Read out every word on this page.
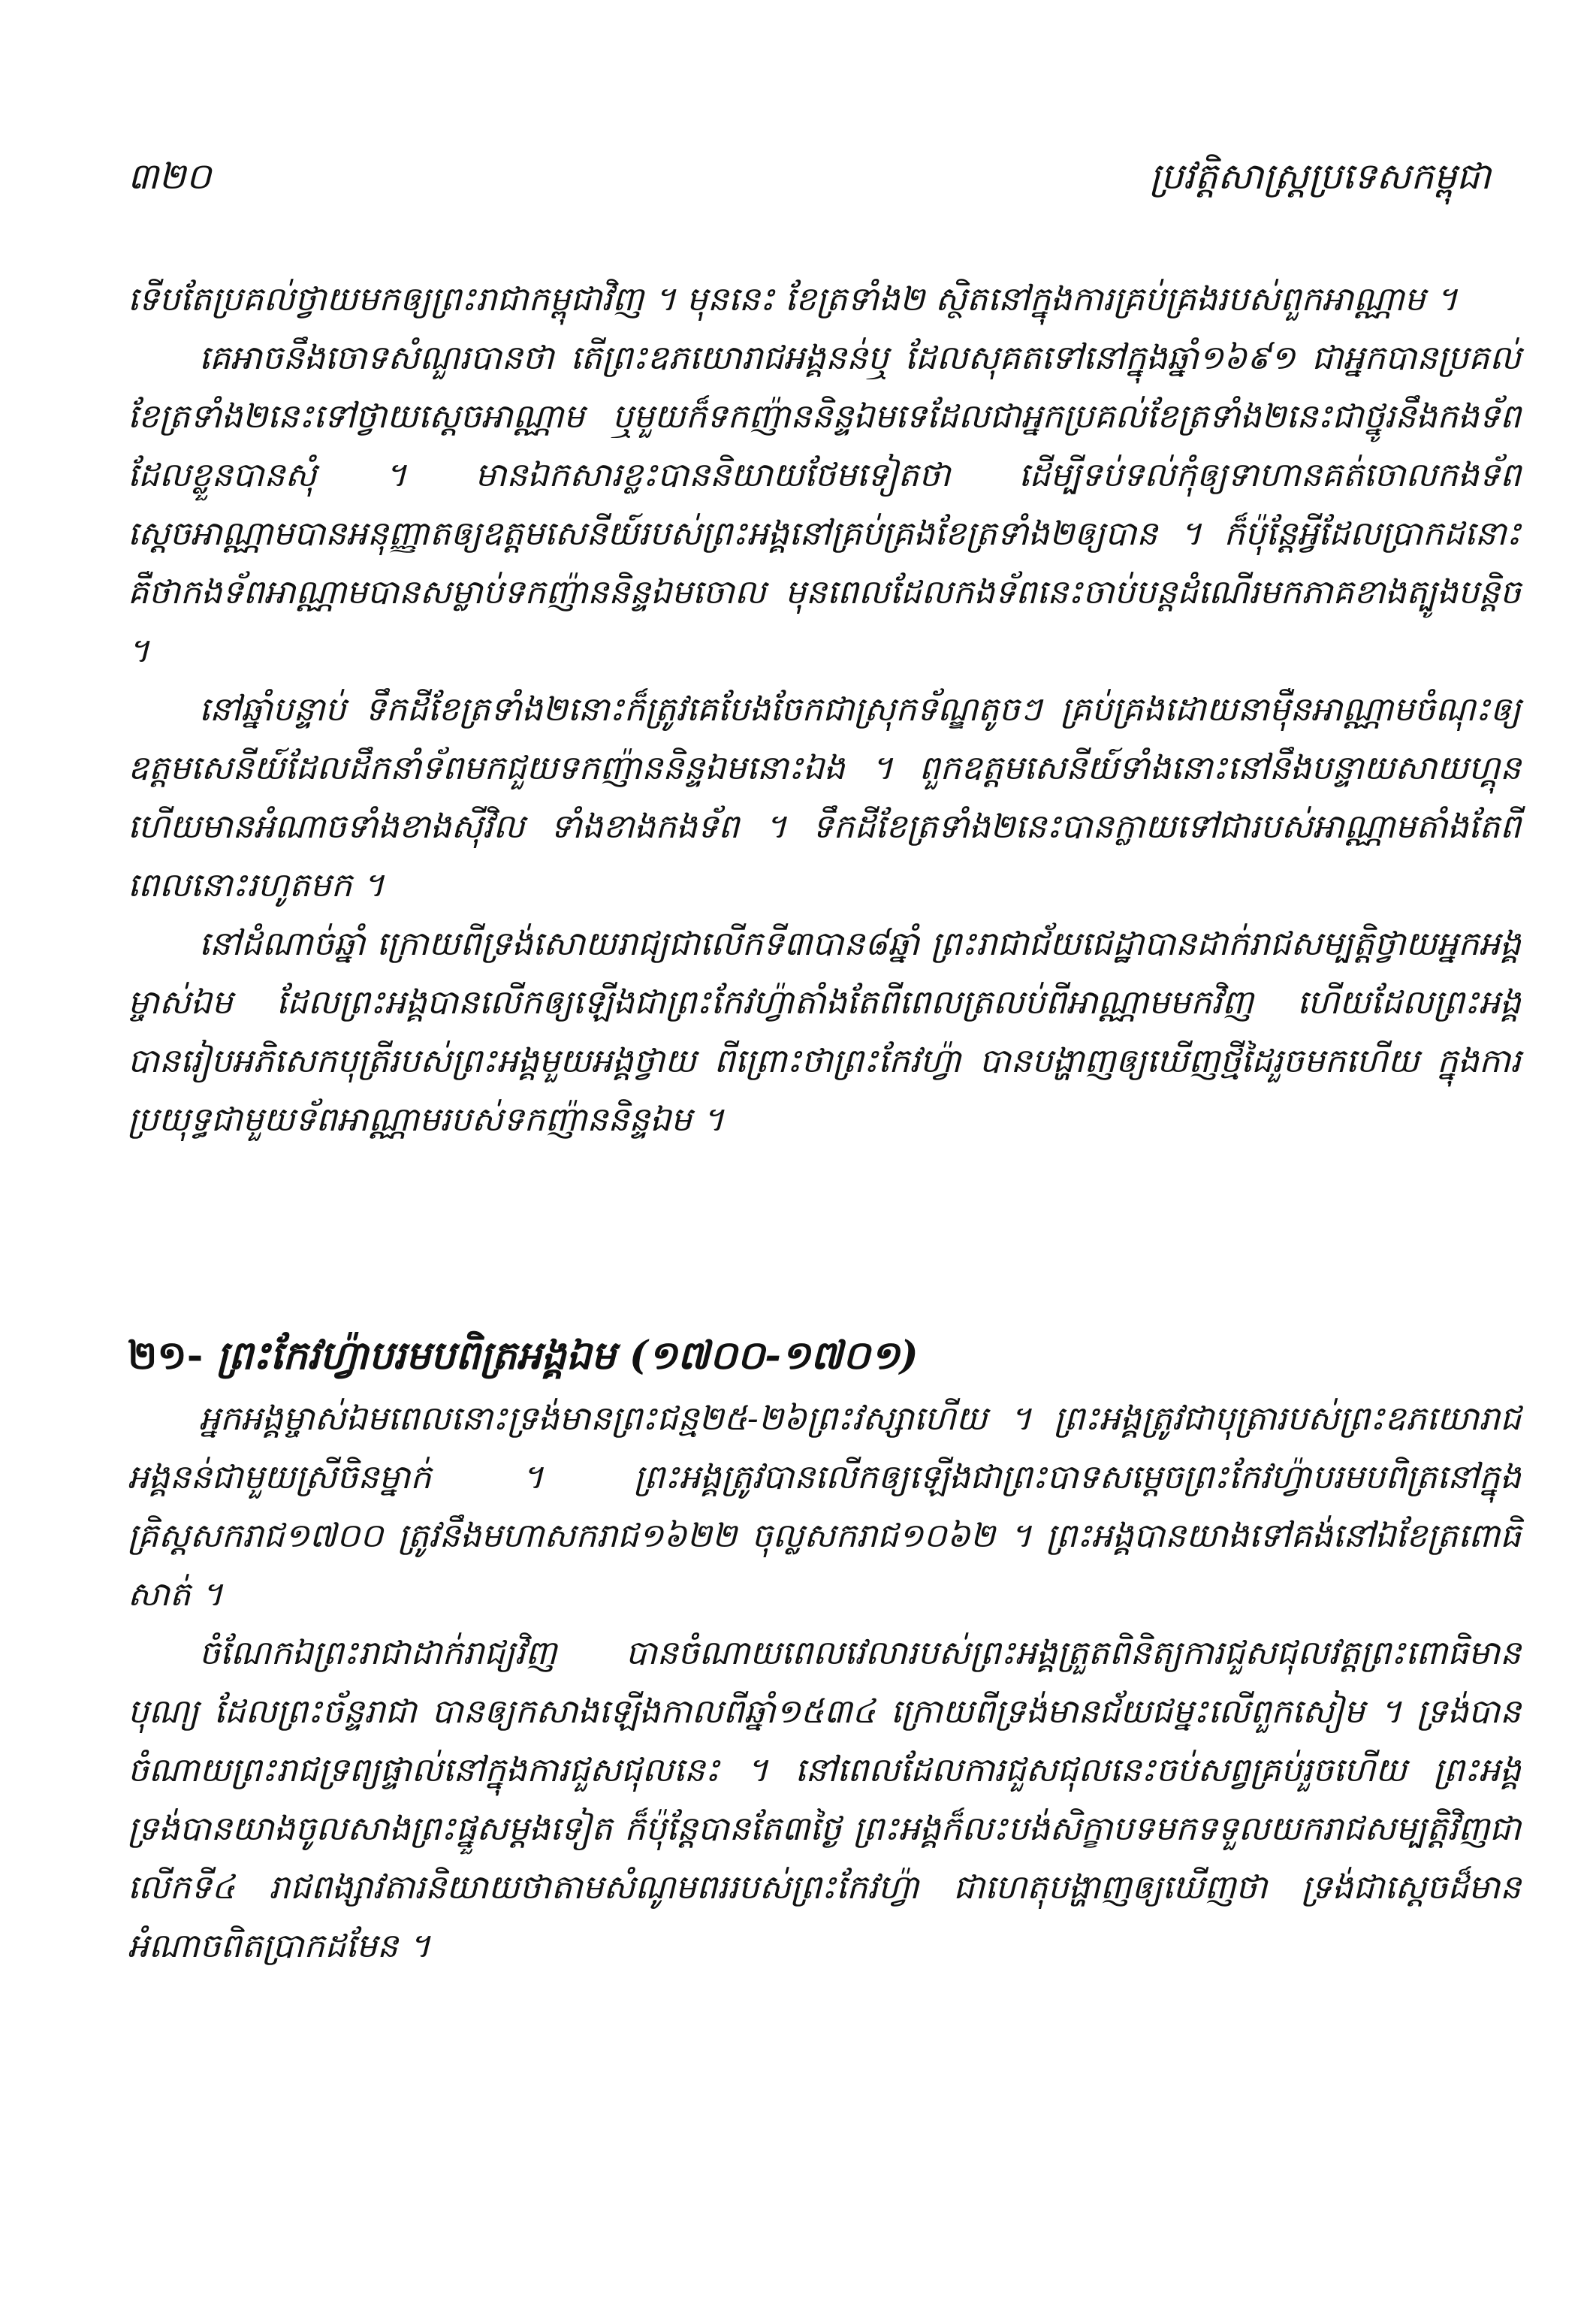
៣២០	ប្រវត្តិសាស្ត្រប្រទេសកម្ពុជា

ទើបតែប្រគល់ថ្វាយមកឲ្យព្រះរាជាកម្ពុជាវិញ ។ មុននេះ ខែត្រទាំង២ ស្ថិតនៅក្នុងការគ្រប់គ្រងរបស់ពួកអាណ្ណាម ។

គេអាចនឹងចោទសំណួរបានថា តើព្រះឧភយោរាជអង្គនន់ឬ ដែលសុគតទៅនៅក្នុងឆ្នាំ១៦៩១ ជាអ្នកបានប្រគល់ខែត្រទាំង២នេះទៅថ្វាយស្តេចអាណ្ណាម ឬមួយក៏ទកញ៉ាននិន្ទឯមទេដែលជាអ្នកប្រគល់ខែត្រទាំង២នេះជាថ្នូរនឹងកងទ័ពដែលខ្លួនបានសុំ ។ មានឯកសារខ្លះបាននិយាយថែមទៀតថា ដើម្បីទប់ទល់កុំឲ្យទាហានគត់ចោលកងទ័ព ស្តេចអាណ្ណាមបានអនុញ្ញាតឲ្យឧត្តមសេនីយ៍របស់ព្រះអង្គនៅគ្រប់គ្រងខែត្រទាំង២ឲ្យបាន ។ ក៏ប៉ុន្តែអ្វីដែលប្រាកដនោះ គឺថាកងទ័ពអាណ្ណាមបានសម្លាប់ទកញ៉ាននិន្ទឯមចោល មុនពេលដែលកងទ័ពនេះចាប់បន្តដំណើរមកភាគខាងត្បូងបន្តិច ។

នៅឆ្នាំបន្ទាប់ ទឹកដីខែត្រទាំង២នោះក៏ត្រូវគេបែងចែកជាស្រុកទ័ណ្ឌតូចៗ គ្រប់គ្រងដោយនាម៉ឺនអាណ្ណាមចំណុះឲ្យឧត្តមសេនីយ៍ដែលដឹកនាំទ័ពមកជួយទកញ៉ាននិន្ទឯមនោះឯង ។ ពួកឧត្តមសេនីយ៍ទាំងនោះនៅនឹងបន្ទាយសាយហ្គុន ហើយមានអំណាចទាំងខាងស៊ីវិល ទាំងខាងកងទ័ព ។ ទឹកដីខែត្រទាំង២នេះបានក្លាយទៅជារបស់អាណ្ណាមតាំងតែពីពេលនោះរហូតមក ។

នៅដំណាច់ឆ្នាំ ក្រោយពីទ្រង់សោយរាជ្យជាលើកទី៣បាន៨ឆ្នាំ ព្រះរាជាជ័យជេដ្ឋាបានដាក់រាជសម្បត្តិថ្វាយអ្នកអង្គម្ចាស់ឯម ដែលព្រះអង្គបានលើកឲ្យឡើងជាព្រះកែវហ្វ៉ាតាំងតែពីពេលត្រលប់ពីអាណ្ណាមមកវិញ ហើយដែលព្រះអង្គបានរៀបអភិសេកបុត្រីរបស់ព្រះអង្គមួយអង្គថ្វាយ ពីព្រោះថាព្រះកែវហ្វ៉ា បានបង្ហាញឲ្យឃើញថ្មីដៃរួចមកហើយ ក្នុងការប្រយុទ្ធជាមួយទ័ពអាណ្ណាមរបស់ទកញ៉ាននិន្ទឯម ។

២១- ព្រះកែវហ្វ៉ាបរមបពិត្រអង្គឯម (១៧០០-១៧០១)

អ្នកអង្គម្ចាស់ឯមពេលនោះទ្រង់មានព្រះជន្ម២៥-២៦ព្រះវស្សាហើយ ។ ព្រះអង្គត្រូវជាបុត្រារបស់ព្រះឧភយោរាជអង្គនន់ជាមួយស្រីចិនម្នាក់ ។ ព្រះអង្គត្រូវបានលើកឲ្យឡើងជាព្រះបាទសម្តេចព្រះកែវហ្វ៉ាបរមបពិត្រនៅក្នុងគ្រិស្តសករាជ១៧០០ ត្រូវនឹងមហាសករាជ១៦២២ ចុល្លសករាជ១០៦២ ។ ព្រះអង្គបានយាងទៅគង់នៅឯខែត្រពោធិសាត់ ។

ចំណែកឯព្រះរាជាដាក់រាជ្យវិញ បានចំណាយពេលវេលារបស់ព្រះអង្គត្រួតពិនិត្យការជួសជុលវត្តព្រះពោធិមានបុណ្យ ដែលព្រះច័ន្ទរាជា បានឲ្យកសាងឡើងកាលពីឆ្នាំ១៥៣៤ ក្រោយពីទ្រង់មានជ័យជម្នះលើពួកសៀម ។ ទ្រង់បានចំណាយព្រះរាជទ្រព្យផ្ទាល់នៅក្នុងការជួសជុលនេះ ។ នៅពេលដែលការជួសជុលនេះចប់សព្វគ្រប់រួចហើយ ព្រះអង្គទ្រង់បានយាងចូលសាងព្រះផ្នួសម្តងទៀត ក៏ប៉ុន្តែបានតែ៣ថ្ងៃ ព្រះអង្គក៏លះបង់សិក្ខាបទមកទទួលយករាជសម្បត្តិវិញជាលើកទី៤ រាជពង្សាវតារនិយាយថាតាមសំណូមពររបស់ព្រះកែវហ្វ៉ា ជាហេតុបង្ហាញឲ្យឃើញថា ទ្រង់ជាស្តេចដ៏មានអំណាចពិតប្រាកដមែន ។
